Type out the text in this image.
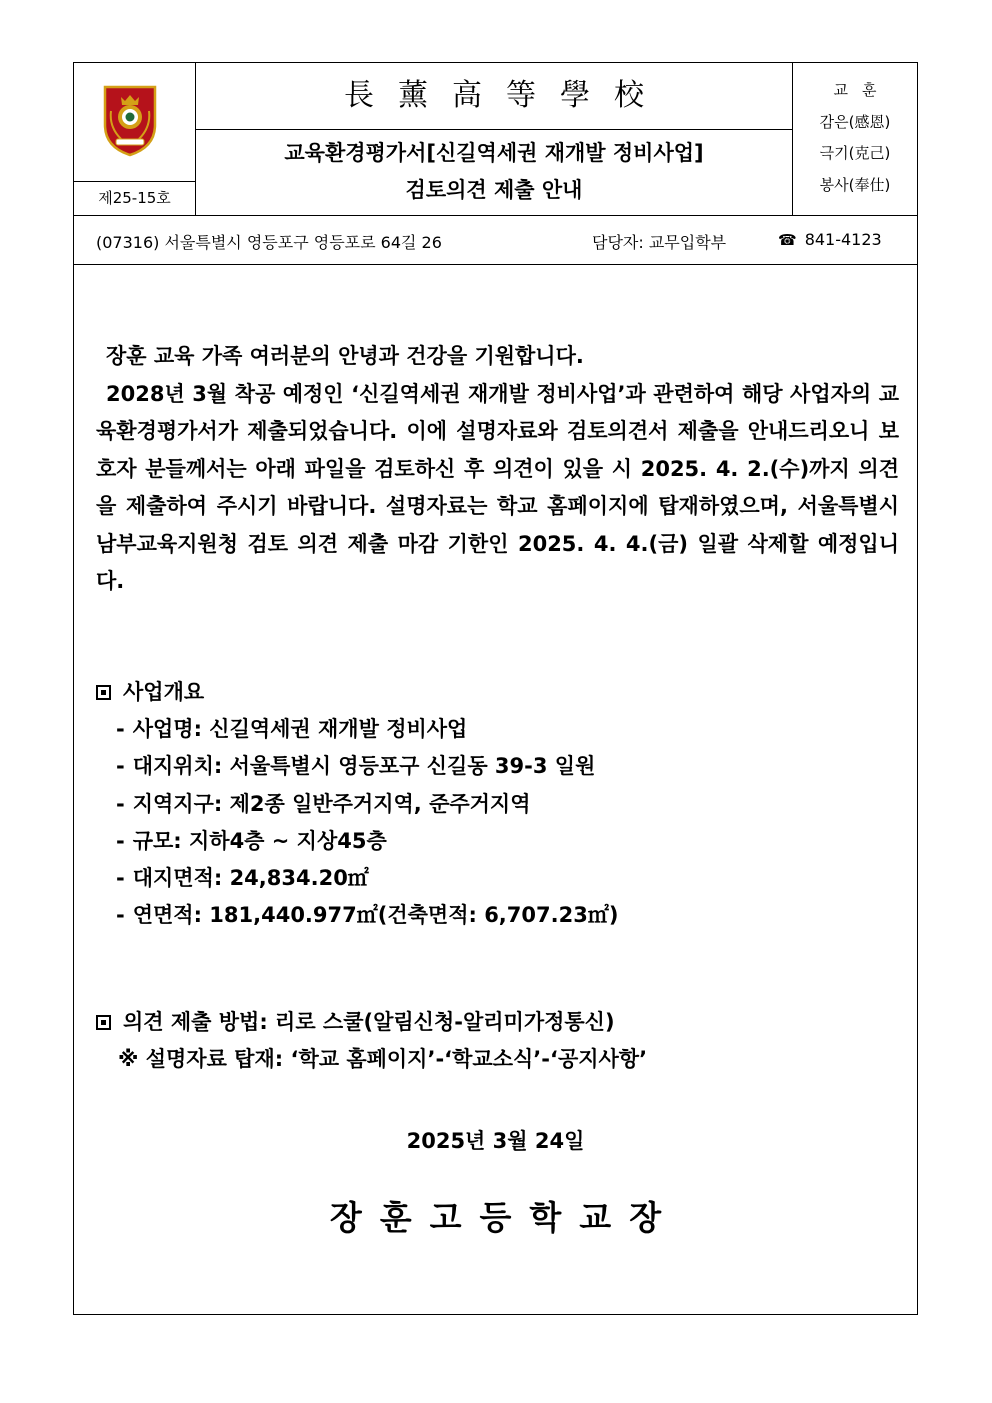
제25-15호
長薰高等學校
교육환경평가서[신길역세권 재개발 정비사업]
검토의견 제출 안내
교훈
감은(感恩)
극기(克己)
봉사(奉仕)
(07316) 서울특별시 영등포구 영등포로 64길 26	담당자: 교무입학부	☎ 841-4123

장훈 교육 가족 여러분의 안녕과 건강을 기원합니다.

2028년 3월 착공 예정인 ‘신길역세권 재개발 정비사업’과 관련하여 해당 사업자의 교육환경평가서가 제출되었습니다. 이에 설명자료와 검토의견서 제출을 안내드리오니 보호자 분들께서는 아래 파일을 검토하신 후 의견이 있을 시 2025. 4. 2.(수)까지 의견을 제출하여 주시기 바랍니다. 설명자료는 학교 홈페이지에 탑재하였으며, 서울특별시남부교육지원청 검토 의견 제출 마감 기한인 2025. 4. 4.(금) 일괄 삭제할 예정입니다.

사업개요
- 사업명: 신길역세권 재개발 정비사업
- 대지위치: 서울특별시 영등포구 신길동 39-3 일원
- 지역지구: 제2종 일반주거지역, 준주거지역
- 규모: 지하4층 ~ 지상45층
- 대지면적: 24,834.20㎡
- 연면적: 181,440.977㎡(건축면적: 6,707.23㎡)
의견 제출 방법: 리로 스쿨(알림신청-알리미가정통신)
※ 설명자료 탑재: ‘학교 홈페이지’-‘학교소식’-‘공지사항’
2025년 3월 24일
장훈고등학교장
